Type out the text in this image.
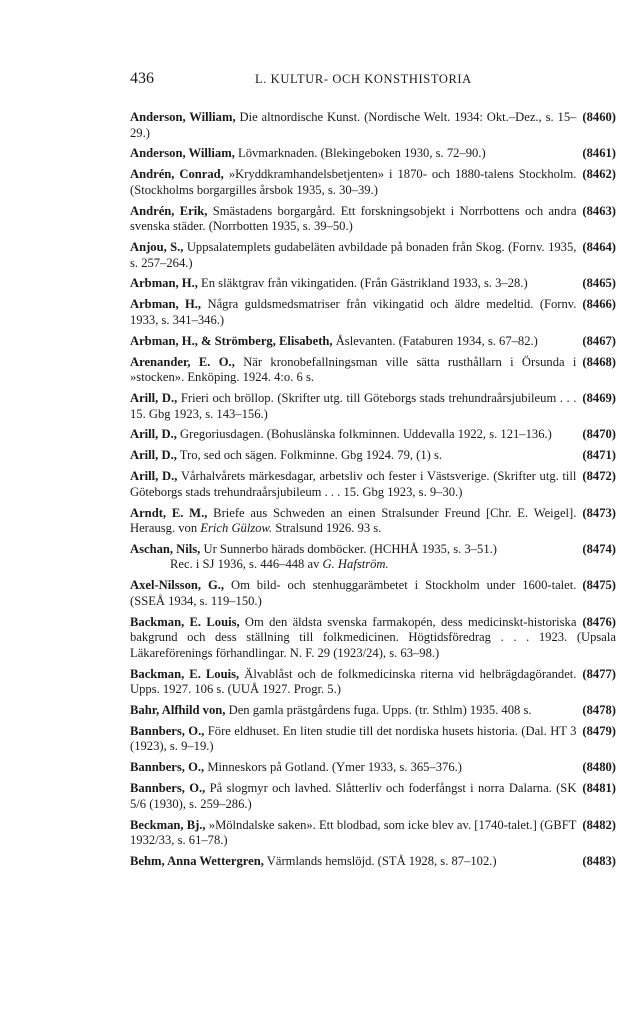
436	L. KULTUR- OCH KONSTHISTORIA
(8460)
Anderson, William, Die altnordische Kunst. (Nordische Welt. 1934: Okt.–Dez., s. 15–29.)
(8461)
Anderson, William, Lövmarknaden. (Blekingeboken 1930, s. 72–90.)
(8462)
Andrén, Conrad, »Kryddkramhandelsbetjenten» i 1870- och 1880-talens Stockholm. (Stockholms borgargilles årsbok 1935, s. 30–39.)
(8463)
Andrén, Erik, Smästadens borgargård. Ett forskningsobjekt i Norrbottens och andra svenska städer. (Norrbotten 1935, s. 39–50.)
(8464)
Anjou, S., Uppsalatemplets gudabeläten avbildade på bonaden från Skog. (Fornv. 1935, s. 257–264.)
(8465)
Arbman, H., En släktgrav från vikingatiden. (Från Gästrikland 1933, s. 3–28.)
(8466)
Arbman, H., Några guldsmedsmatriser från vikingatid och äldre medeltid. (Fornv. 1933, s. 341–346.)
(8467)
Arbman, H., & Strömberg, Elisabeth, Åslevanten. (Fataburen 1934, s. 67–82.)
(8468)
Arenander, E. O., När kronobefallningsman ville sätta rusthållarn i Örsunda i »stocken». Enköping. 1924. 4:o. 6 s.
(8469)
Arill, D., Frieri och bröllop. (Skrifter utg. till Göteborgs stads trehundraårsjubileum . . . 15. Gbg 1923, s. 143–156.)
(8470)
Arill, D., Gregoriusdagen. (Bohuslänska folkminnen. Uddevalla 1922, s. 121–136.)
(8471)
Arill, D., Tro, sed och sägen. Folkminne. Gbg 1924. 79, (1) s.
(8472)
Arill, D., Vårhalvårets märkesdagar, arbetsliv och fester i Västsverige. (Skrifter utg. till Göteborgs stads trehundraårsjubileum . . . 15. Gbg 1923, s. 9–30.)
(8473)
Arndt, E. M., Briefe aus Schweden an einen Stralsunder Freund [Chr. E. Weigel]. Herausg. von Erich Gülzow. Stralsund 1926. 93 s.
(8474)
Aschan, Nils, Ur Sunnerbo härads domböcker. (HCHHÅ 1935, s. 3–51.)
Rec. i SJ 1936, s. 446–448 av G. Hafström.
(8475)
Axel-Nilsson, G., Om bild- och stenhuggarämbetet i Stockholm under 1600-talet. (SSEÅ 1934, s. 119–150.)
(8476)
Backman, E. Louis, Om den äldsta svenska farmakopén, dess medicinskt-historiska bakgrund och dess ställning till folkmedicinen. Högtidsföredrag . . . 1923. (Upsala Läkareförenings förhandlingar. N. F. 29 (1923/24), s. 63–98.)
(8477)
Backman, E. Louis, Älvablåst och de folkmedicinska riterna vid helbrägdagörandet. Upps. 1927. 106 s. (UUÅ 1927. Progr. 5.)
(8478)
Bahr, Alfhild von, Den gamla prästgårdens fuga. Upps. (tr. Sthlm) 1935. 408 s.
(8479)
Bannbers, O., Före eldhuset. En liten studie till det nordiska husets historia. (Dal. HT 3 (1923), s. 9–19.)
(8480)
Bannbers, O., Minneskors på Gotland. (Ymer 1933, s. 365–376.)
(8481)
Bannbers, O., På slogmyr och lavhed. Slåtterliv och foderfångst i norra Dalarna. (SK 5/6 (1930), s. 259–286.)
(8482)
Beckman, Bj., »Mölndalske saken». Ett blodbad, som icke blev av. [1740-talet.] (GBFT 1932/33, s. 61–78.)
(8483)
Behm, Anna Wettergren, Värmlands hemslöjd. (STÅ 1928, s. 87–102.)
